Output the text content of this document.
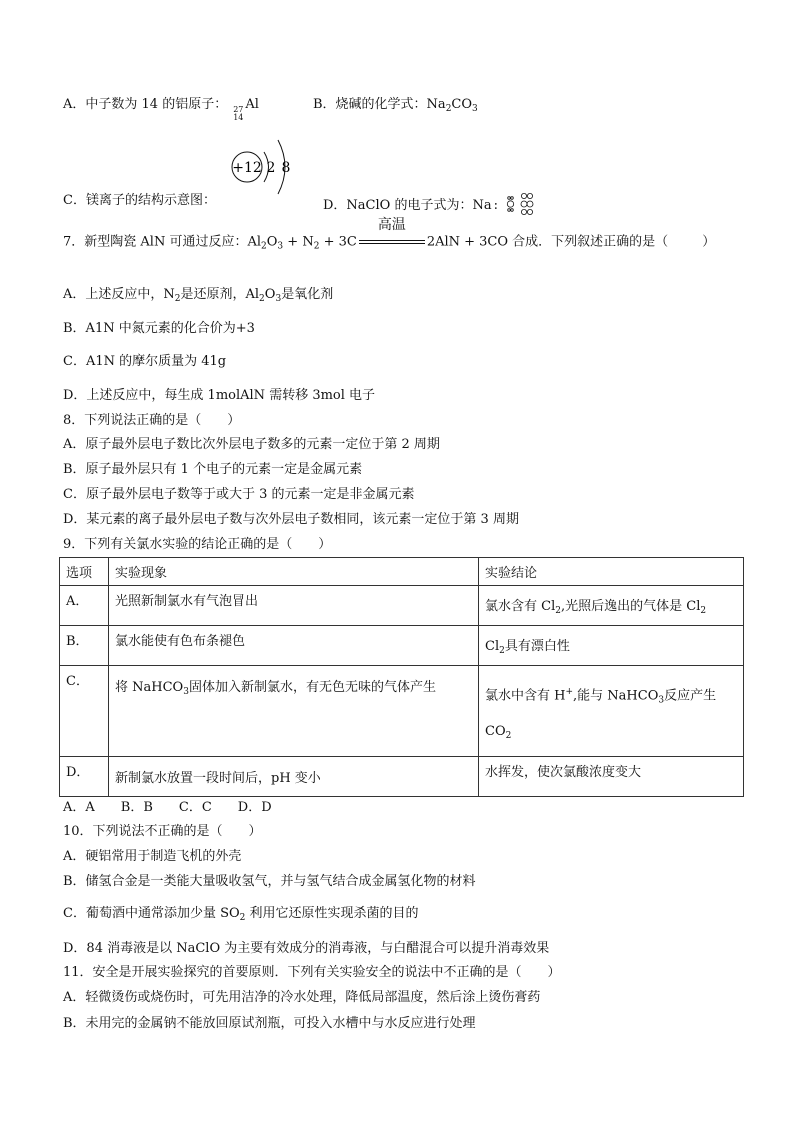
A．中子数为 14 的铝原子： 27
14
Al	B．烧碱的化学式：$Na_2CO_3$
+12 2 8
C．镁离子的结构示意图：	D．NaClO 的电子式为：Na :
7．新型陶瓷 AlN 可通过反应：$Al_2O_3 + N_2 + 3C$
高温
2AlN + 3CO 合成．下列叙述正确的是（	）
A．上述反应中，$N_2$是还原剂，$Al_2O_3$是氧化剂
B．A1N 中氮元素的化合价为+3
C．A1N 的摩尔质量为 41g
D．上述反应中，每生成 1molAlN 需转移 3mol 电子
8．下列说法正确的是（　　）
A．原子最外层电子数比次外层电子数多的元素一定位于第 2 周期
B．原子最外层只有 1 个电子的元素一定是金属元素
C．原子最外层电子数等于或大于 3 的元素一定是非金属元素
D．某元素的离子最外层电子数与次外层电子数相同，该元素一定位于第 3 周期
9．下列有关氯水实验的结论正确的是（　　）
选项	实验现象	实验结论
A．	光照新制氯水有气泡冒出	氯水含有 $Cl_2$,光照后逸出的气体是 $Cl_2$
B．	氯水能使有色布条褪色	$Cl_2$具有漂白性
C．	将 NaHCO$_3$固体加入新制氯水，有无色无味的气体产生	氯水中含有 H+,能与 NaHCO$_3$反应产生
$CO_2$
D．	新制氯水放置一段时间后，pH 变小	水挥发，使次氯酸浓度变大
A．A　　B．B　　C．C　　D．D
10．下列说法不正确的是（　　）
A．硬铝常用于制造飞机的外壳
B．储氢合金是一类能大量吸收氢气，并与氢气结合成金属氢化物的材料
C．葡萄酒中通常添加少量 $SO_2$ 利用它还原性实现杀菌的目的
D．84 消毒液是以 NaClO 为主要有效成分的消毒液，与白醋混合可以提升消毒效果
11．安全是开展实验探究的首要原则．下列有关实验安全的说法中不正确的是（　　）
A．轻微烫伤或烧伤时，可先用洁净的冷水处理，降低局部温度，然后涂上烫伤膏药
B．未用完的金属钠不能放回原试剂瓶，可投入水槽中与水反应进行处理
